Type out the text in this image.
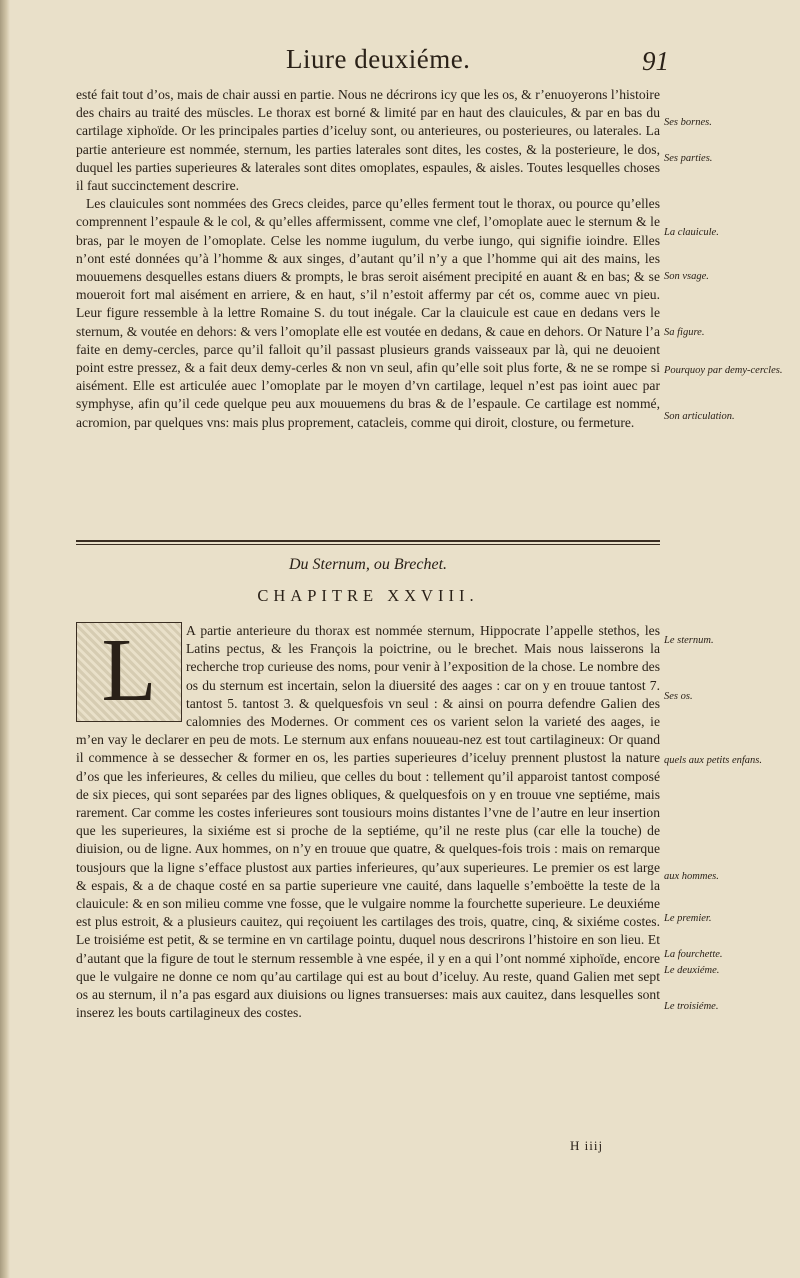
Liure deuxiéme.	91

esté fait tout d’os, mais de chair aussi en partie. Nous ne décrirons icy que les os, & r’enuoyerons l’histoire des chairs au traité des müscles. Le thorax est borné & limité par en haut des clauicules, & par en bas du cartilage xiphoïde. Or les principales parties d’iceluy sont, ou anterieures, ou posterieures, ou laterales. La partie anterieure est nommée, sternum, les parties laterales sont dites, les costes, & la posterieure, le dos, duquel les parties superieures & laterales sont dites omoplates, espaules, & aisles. Toutes lesquelles choses il faut succinctement descrire.

Les clauicules sont nommées des Grecs cleides, parce qu’elles ferment tout le thorax, ou pource qu’elles comprennent l’espaule & le col, & qu’elles affermissent, comme vne clef, l’omoplate auec le sternum & le bras, par le moyen de l’omoplate. Celse les nomme iugulum, du verbe iungo, qui signifie ioindre. Elles n’ont esté données qu’à l’homme & aux singes, d’autant qu’il n’y a que l’homme qui ait des mains, les mouuemens desquelles estans diuers & prompts, le bras seroit aisément precipité en auant & en bas; & se moueroit fort mal aisément en arriere, & en haut, s’il n’estoit affermy par cét os, comme auec vn pieu. Leur figure ressemble à la lettre Romaine S. du tout inégale. Car la clauicule est caue en dedans vers le sternum, & voutée en dehors: & vers l’omoplate elle est voutée en dedans, & caue en dehors. Or Nature l’a faite en demy-cercles, parce qu’il falloit qu’il passast plusieurs grands vaisseaux par là, qui ne deuoient point estre pressez, & a fait deux demy-cerles & non vn seul, afin qu’elle soit plus forte, & ne se rompe si aisément. Elle est articulée auec l’omoplate par le moyen d’vn cartilage, lequel n’est pas ioint auec par symphyse, afin qu’il cede quelque peu aux mouuemens du bras & de l’espaule. Ce cartilage est nommé, acromion, par quelques vns: mais plus proprement, catacleis, comme qui diroit, closture, ou fermeture.

Ses bornes.
Ses parties.
La clauicule.
Son vsage.
Sa figure.
Pourquoy par demy-cercles.
Son articulation.
Le sternum.
Ses os.
quels aux petits enfans.
aux hommes.
Le premier.
La fourchette.
Le deuxiéme.
Le troisiéme.
Du Sternum, ou Brechet.
CHAPITRE XXVIII.
L	A partie anterieure du thorax est nommée sternum, Hippocrate l’appelle stethos, les Latins pectus, & les François la poictrine, ou le brechet. Mais nous laisserons la recherche trop curieuse des noms, pour venir à l’exposition de la chose. Le nombre des os du sternum est incertain, selon la diuersité des aages : car on y en trouue tantost 7. tantost 5. tantost 3. & quelquesfois vn seul : & ainsi on pourra defendre Galien des calomnies des Modernes. Or comment ces os varient selon la varieté des aages, ie m’en vay le declarer en peu de mots. Le sternum aux enfans nouueau-nez est tout cartilagineux: Or quand il commence à se dessecher & former en os, les parties superieures d’iceluy prennent plustost la nature d’os que les inferieures, & celles du milieu, que celles du bout : tellement qu’il apparoist tantost composé de six pieces, qui sont separées par des lignes obliques, & quelquesfois on y en trouue vne septiéme, mais rarement. Car comme les costes inferieures sont tousiours moins distantes l’vne de l’autre en leur insertion que les superieures, la sixiéme est si proche de la septiéme, qu’il ne reste plus (car elle la touche) de diuision, ou de ligne. Aux hommes, on n’y en trouue que quatre, & quelques-fois trois : mais on remarque tousjours que la ligne s’efface plustost aux parties inferieures, qu’aux superieures. Le premier os est large & espais, & a de chaque costé en sa partie superieure vne cauité, dans laquelle s’emboëtte la teste de la clauicule: & en son milieu comme vne fosse, que le vulgaire nomme la fourchette superieure. Le deuxiéme est plus estroit, & a plusieurs cauitez, qui reçoiuent les cartilages des trois, quatre, cinq, & sixiéme costes. Le troisiéme est petit, & se termine en vn cartilage pointu, duquel nous descrirons l’histoire en son lieu. Et d’autant que la figure de tout le sternum ressemble à vne espée, il y en a qui l’ont nommé xiphoïde, encore que le vulgaire ne donne ce nom qu’au cartilage qui est au bout d’iceluy. Au reste, quand Galien met sept os au sternum, il n’a pas esgard aux diuisions ou lignes transuerses: mais aux cauitez, dans lesquelles sont inserez les bouts cartilagineux des costes.
H iiij
